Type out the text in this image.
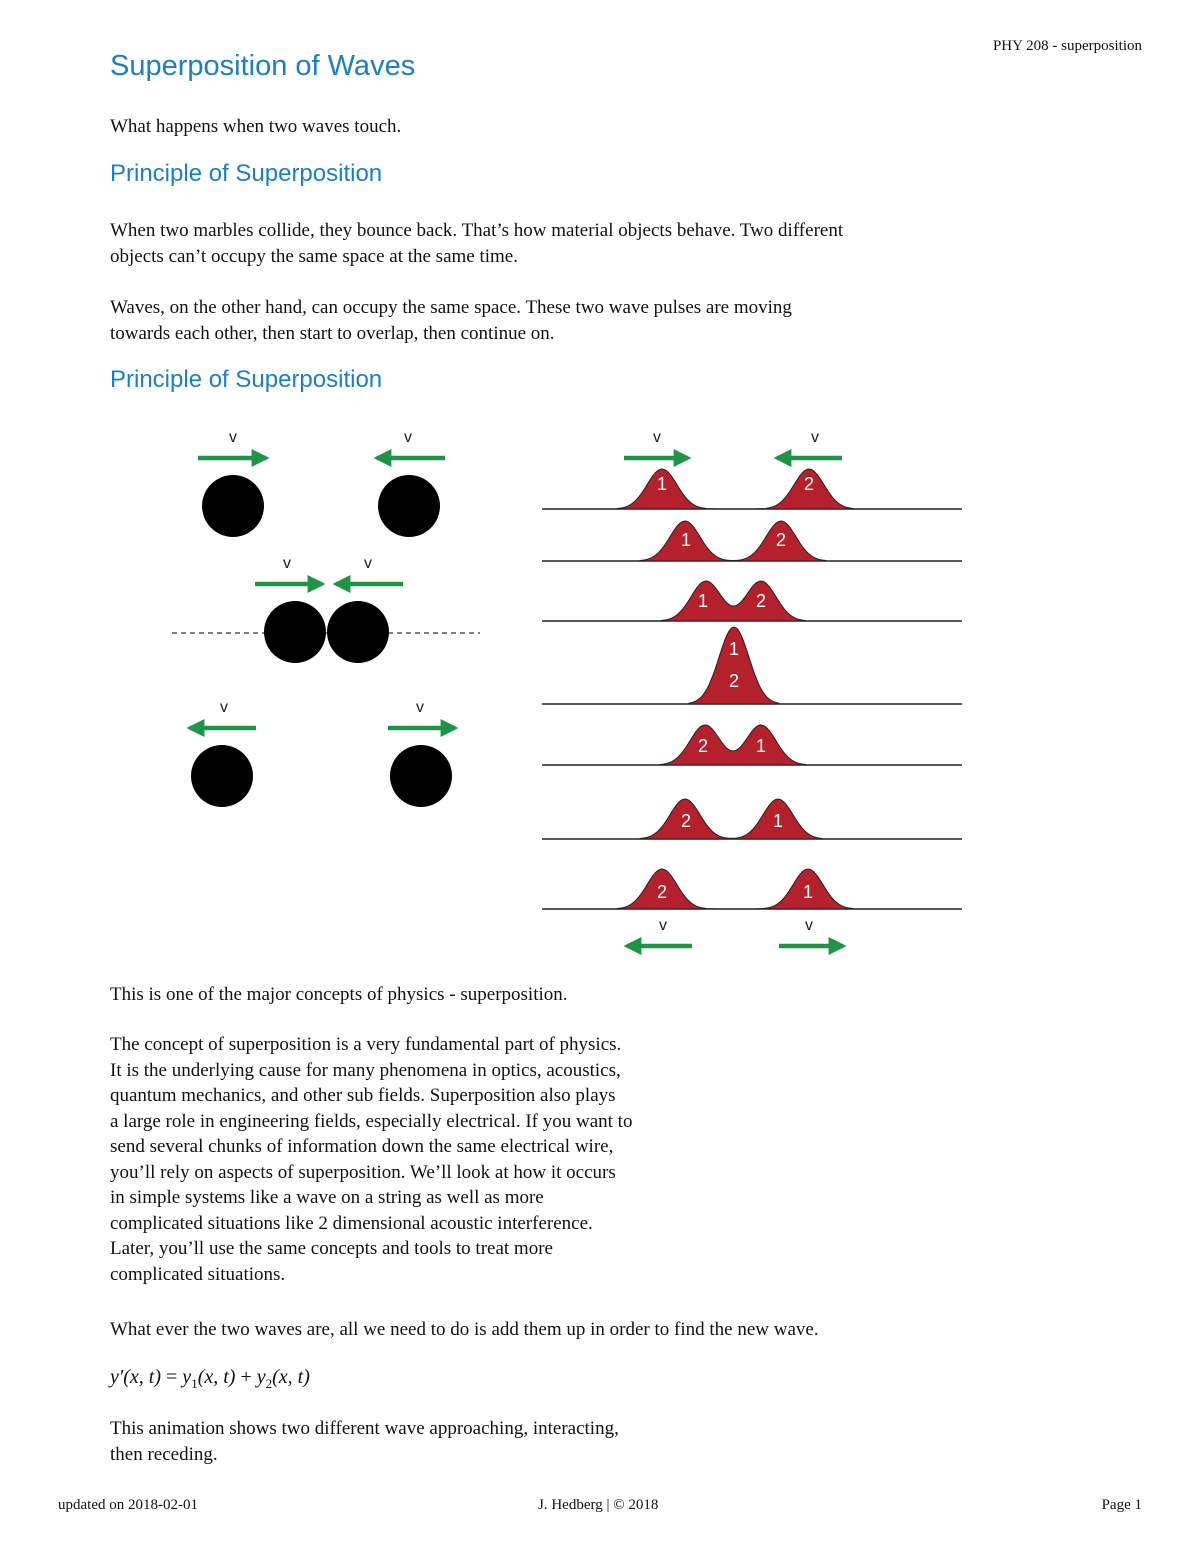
PHY 208 - superposition
Superposition of Waves

What happens when two waves touch.

Principle of Superposition

When two marbles collide, they bounce back. That’s how material objects behave. Two different
objects can’t occupy the same space at the same time.

Waves, on the other hand, can occupy the same space. These two wave pulses are moving
towards each other, then start to overlap, then continue on.

Principle of Superposition
v	v
v	v
v	v
1	2
1	2
1	2
1
2
2	1
2	1
2	1
v	v
v	v

This is one of the major concepts of physics - superposition.

The concept of superposition is a very fundamental part of physics.
It is the underlying cause for many phenomena in optics, acoustics,
quantum mechanics, and other sub fields. Superposition also plays
a large role in engineering fields, especially electrical. If you want to
send several chunks of information down the same electrical wire,
you’ll rely on aspects of superposition. We’ll look at how it occurs
in simple systems like a wave on a string as well as more
complicated situations like 2 dimensional acoustic interference.
Later, you’ll use the same concepts and tools to treat more
complicated situations.

What ever the two waves are, all we need to do is add them up in order to find the new wave.

y′(x, $t) = y_1(x$, $t) + y_2(x$, t)

This animation shows two different wave approaching, interacting,
then receding.

updated on 2018-02-01	J. Hedberg | © 2018	Page 1
